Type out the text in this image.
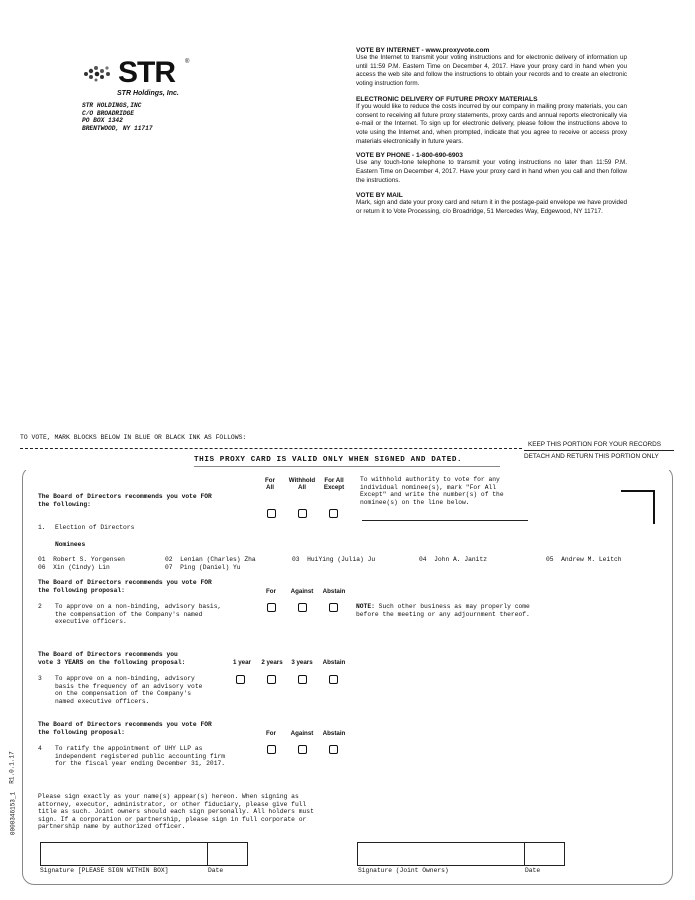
STR ®
STR Holdings, Inc.
STR HOLDINGS,INC
C/O BROADRIDGE
PO BOX 1342
BRENTWOOD, NY 11717
VOTE BY INTERNET - www.proxyvote.com
Use the Internet to transmit your voting instructions and for electronic delivery of information up until 11:59 P.M. Eastern Time on December 4, 2017. Have your proxy card in hand when you access the web site and follow the instructions to obtain your records and to create an electronic voting instruction form.
ELECTRONIC DELIVERY OF FUTURE PROXY MATERIALS
If you would like to reduce the costs incurred by our company in mailing proxy materials, you can consent to receiving all future proxy statements, proxy cards and annual reports electronically via e-mail or the Internet. To sign up for electronic delivery, please follow the instructions above to vote using the Internet and, when prompted, indicate that you agree to receive or access proxy materials electronically in future years.
VOTE BY PHONE - 1-800-690-6903
Use any touch-tone telephone to transmit your voting instructions no later than 11:59 P.M. Eastern Time on December 4, 2017. Have your proxy card in hand when you call and then follow the instructions.
VOTE BY MAIL
Mark, sign and date your proxy card and return it in the postage-paid envelope we have provided or return it to Vote Processing, c/o Broadridge, 51 Mercedes Way, Edgewood, NY 11717.
TO VOTE, MARK BLOCKS BELOW IN BLUE OR BLACK INK AS FOLLOWS:
KEEP THIS PORTION FOR YOUR RECORDS
DETACH AND RETURN THIS PORTION ONLY
THIS PROXY CARD IS VALID ONLY WHEN SIGNED AND DATED.
The Board of Directors recommends you vote FOR
the following:
For
All
Withhold
All
For All
Except
To withhold authority to vote for any
individual nominee(s), mark "For All
Except" and write the number(s) of the
nominee(s) on the line below.
1. Election of Directors
Nominees
01  Robert S. Yorgensen	02  Lenian (Charles) Zha	03  HuiYing (Julia) Ju	04  John A. Janitz	05  Andrew M. Leitch
06  Xin (Cindy) Lin	07  Ping (Daniel) Yu
The Board of Directors recommends you vote FOR
the following proposal:	For	Against	Abstain
2 To approve on a non-binding, advisory basis,
the compensation of the Company's named
executive officers.
NOTE: Such other business as may properly come
before the meeting or any adjournment thereof.
The Board of Directors recommends you
vote 3 YEARS on the following proposal:	1 year	2 years	3 years	Abstain
3 To approve on a non-binding, advisory
basis the frequency of an advisory vote
on the compensation of the Company's
named executive officers.
The Board of Directors recommends you vote FOR
the following proposal:	For	Against	Abstain
4 To ratify the appointment of UHY LLP as
independent registered public accounting firm
for the fiscal year ending December 31, 2017.
Please sign exactly as your name(s) appear(s) hereon. When signing as
attorney, executor, administrator, or other fiduciary, please give full
title as such. Joint owners should each sign personally. All holders must
sign. If a corporation or partnership, please sign in full corporate or
partnership name by authorized officer.
Signature [PLEASE SIGN WITHIN BOX]	Date	Signature (Joint Owners)	Date
0000346153_1
R1.0.1.17
